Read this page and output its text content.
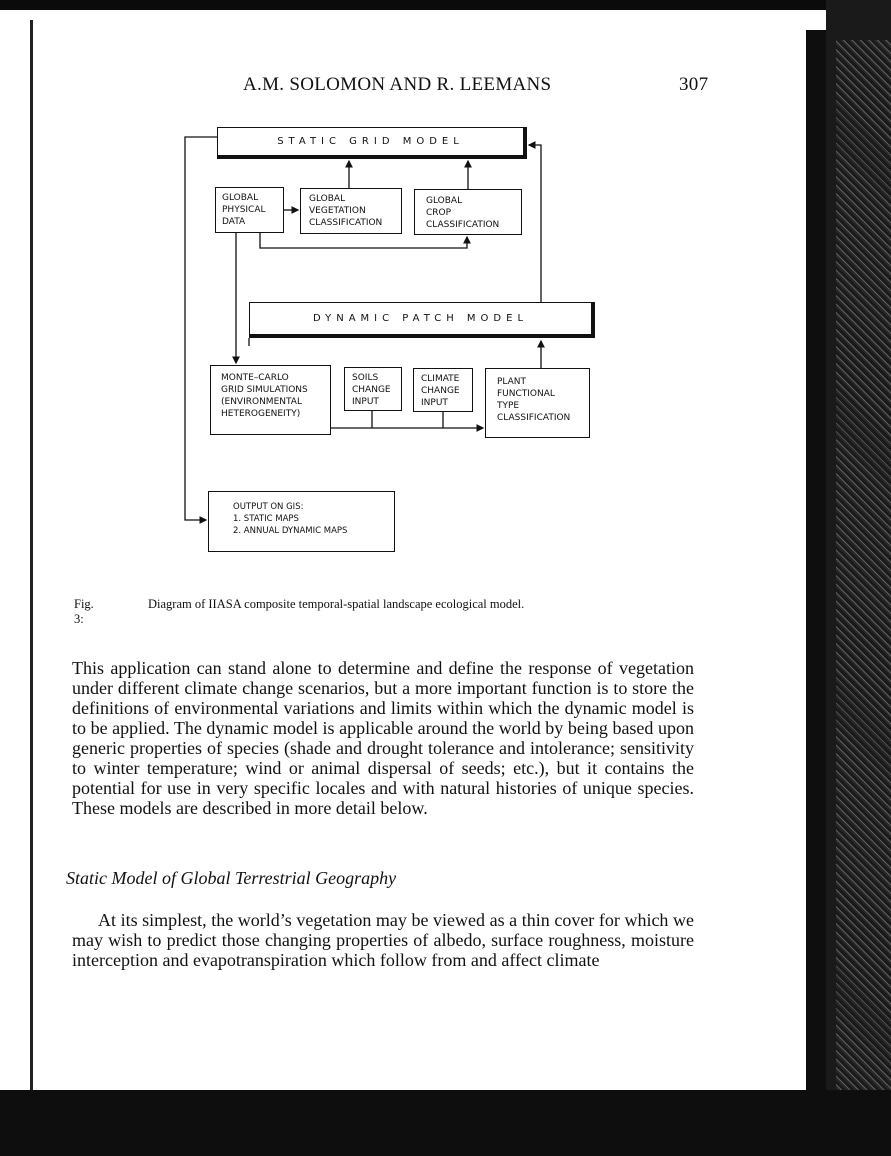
A.M. SOLOMON AND R. LEEMANS	307
STATIC GRID MODEL
GLOBAL
PHYSICAL
DATA
GLOBAL
VEGETATION
CLASSIFICATION
GLOBAL
CROP
CLASSIFICATION
DYNAMIC PATCH MODEL
MONTE–CARLO
GRID SIMULATIONS
(ENVIRONMENTAL
HETEROGENEITY)
SOILS
CHANGE
INPUT
CLIMATE
CHANGE
INPUT
PLANT
FUNCTIONAL
TYPE
CLASSIFICATION
OUTPUT ON GIS:
1. STATIC MAPS
2. ANNUAL DYNAMIC MAPS
Fig. 3:
Diagram of IIASA composite temporal-spatial landscape ecological model.
This application can stand alone to determine and define the response of vegetation under different climate change scenarios, but a more important function is to store the definitions of environmental variations and limits within which the dynamic model is to be applied. The dynamic model is applicable around the world by being based upon generic properties of species (shade and drought tolerance and intolerance; sensitivity to winter temperature; wind or animal dispersal of seeds; etc.), but it contains the potential for use in very specific locales and with natural histories of unique species. These models are described in more detail below.
Static Model of Global Terrestrial Geography
At its simplest, the world’s vegetation may be viewed as a thin cover for which we may wish to predict those changing properties of albedo, surface roughness, moisture interception and evapotranspiration which follow from and affect climate
